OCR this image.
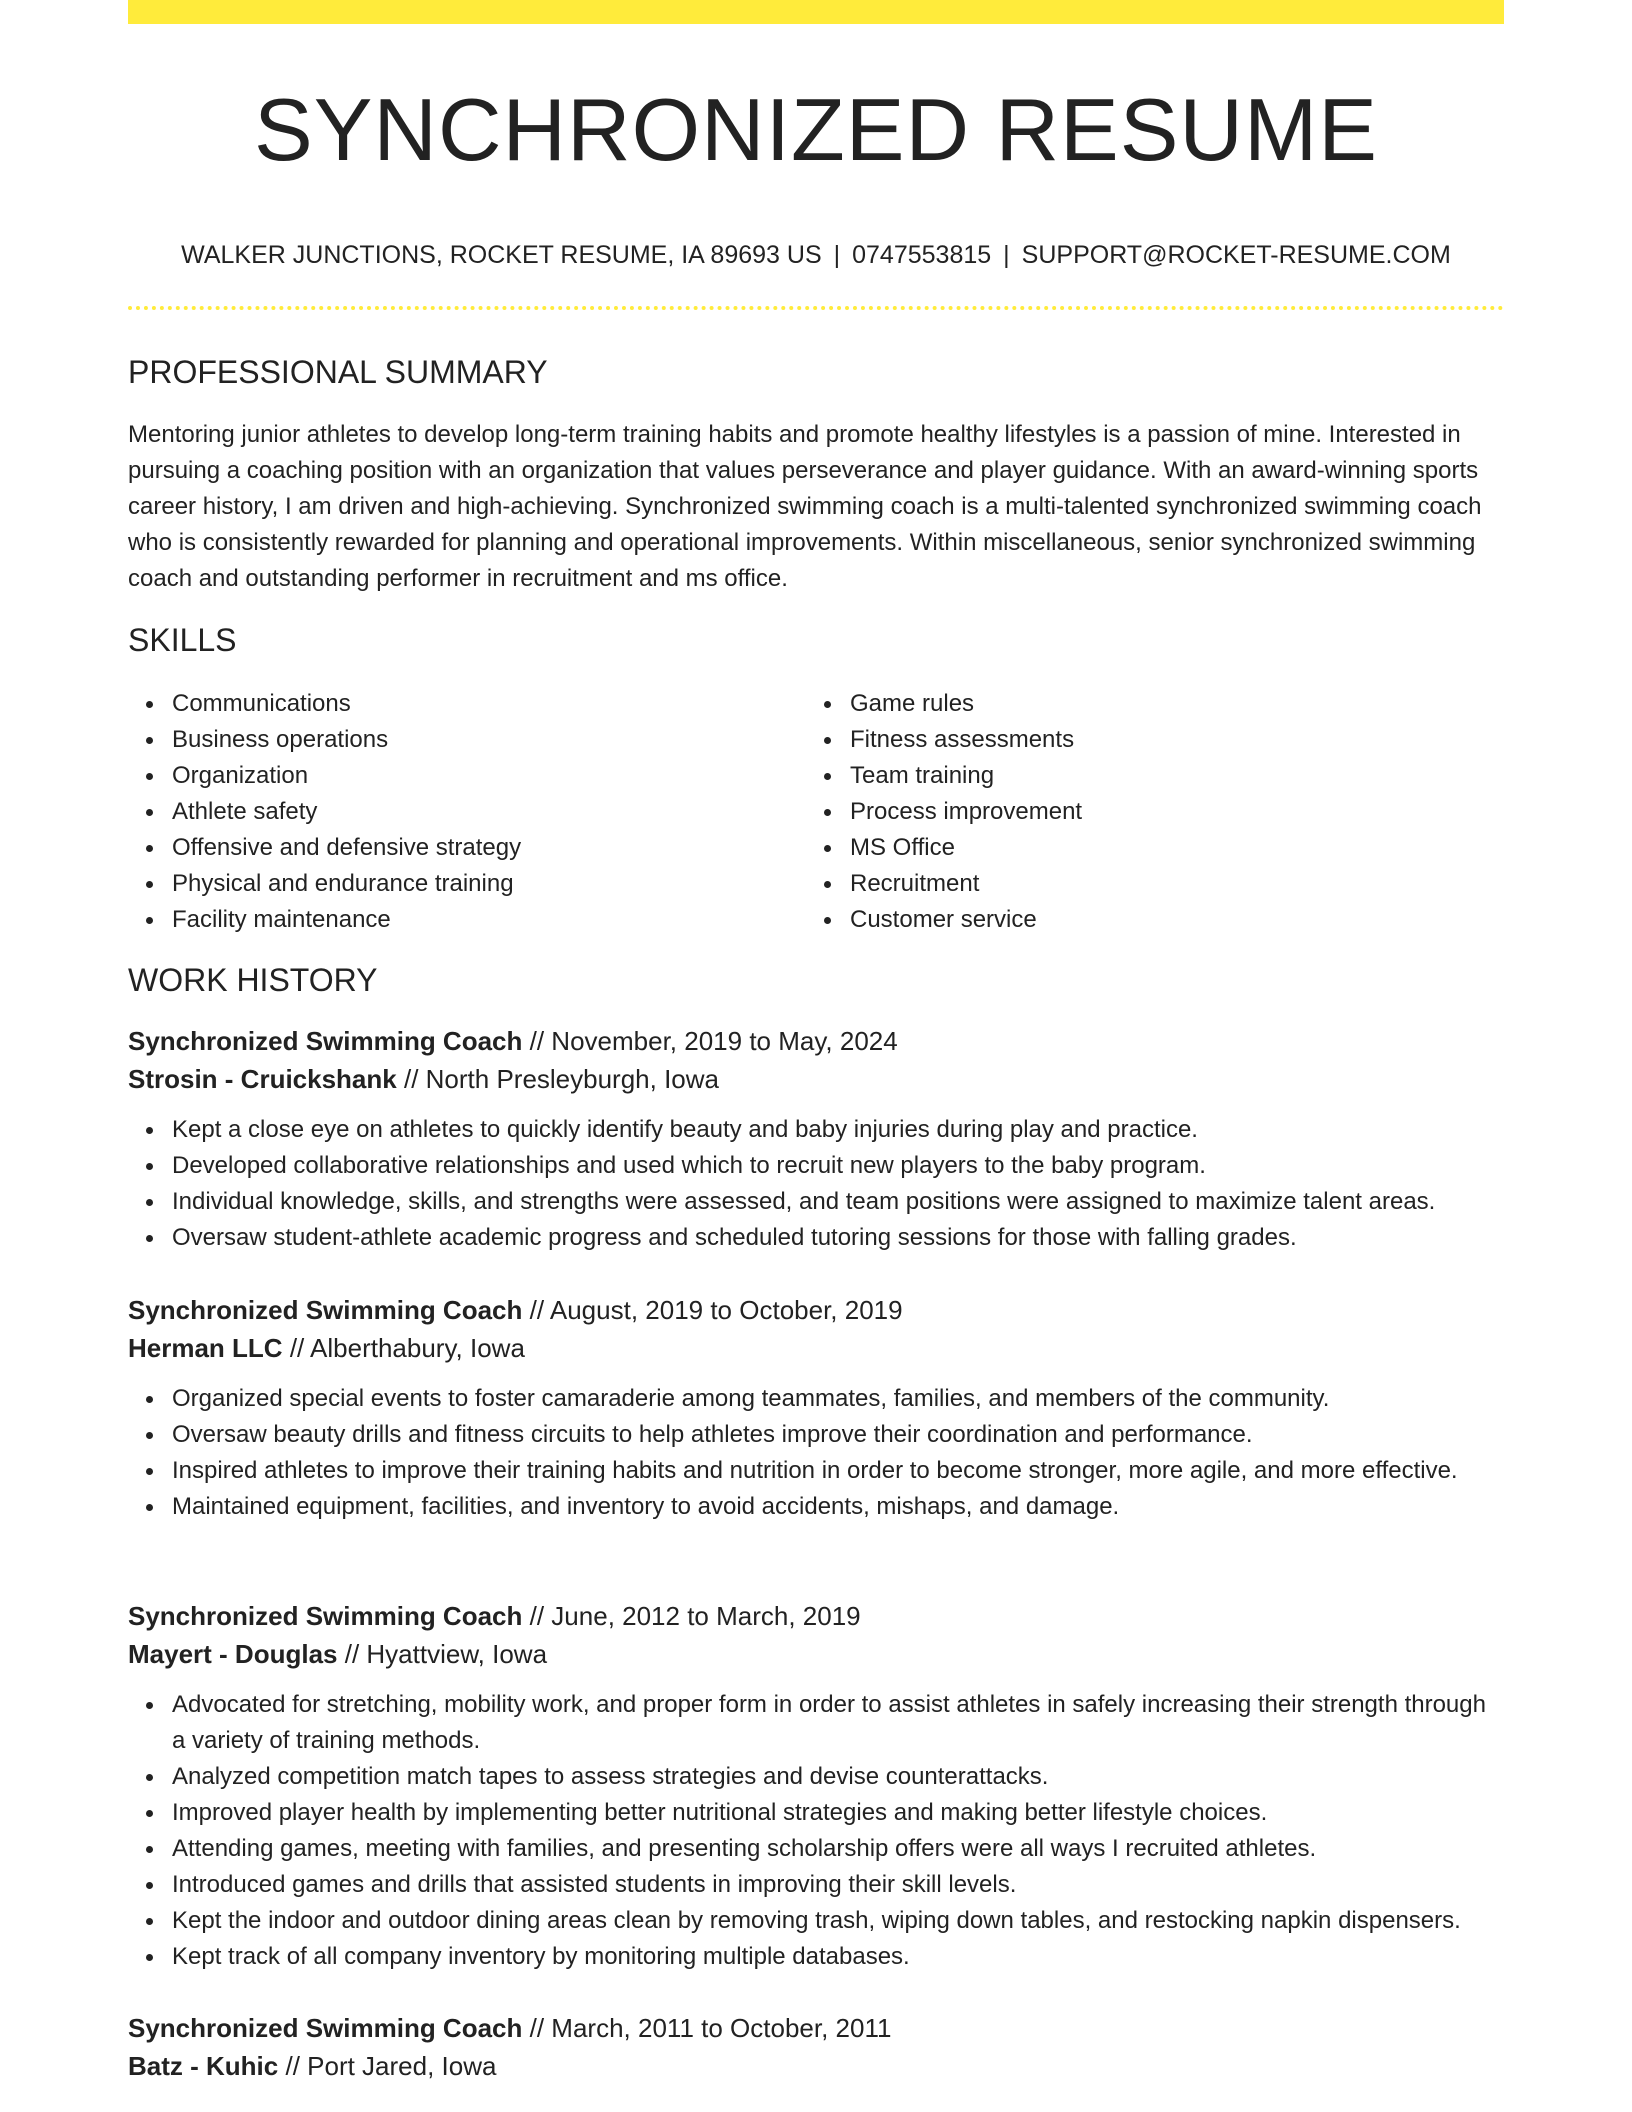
SYNCHRONIZED RESUME
WALKER JUNCTIONS, ROCKET RESUME, IA 89693 US | 0747553815 | SUPPORT@ROCKET-RESUME.COM
PROFESSIONAL SUMMARY

Mentoring junior athletes to develop long-term training habits and promote healthy lifestyles is a passion of mine. Interested in pursuing a coaching position with an organization that values perseverance and player guidance. With an award-winning sports career history, I am driven and high-achieving. Synchronized swimming coach is a multi-talented synchronized swimming coach who is consistently rewarded for planning and operational improvements. Within miscellaneous, senior synchronized swimming coach and outstanding performer in recruitment and ms office.

SKILLS
Communications
Business operations
Organization
Athlete safety
Offensive and defensive strategy
Physical and endurance training
Facility maintenance
Game rules
Fitness assessments
Team training
Process improvement
MS Office
Recruitment
Customer service
WORK HISTORY
Synchronized Swimming Coach // November, 2019 to May, 2024
Strosin - Cruickshank // North Presleyburgh, Iowa
Kept a close eye on athletes to quickly identify beauty and baby injuries during play and practice.
Developed collaborative relationships and used which to recruit new players to the baby program.
Individual knowledge, skills, and strengths were assessed, and team positions were assigned to maximize talent areas.
Oversaw student-athlete academic progress and scheduled tutoring sessions for those with falling grades.
Synchronized Swimming Coach // August, 2019 to October, 2019
Herman LLC // Alberthabury, Iowa
Organized special events to foster camaraderie among teammates, families, and members of the community.
Oversaw beauty drills and fitness circuits to help athletes improve their coordination and performance.
Inspired athletes to improve their training habits and nutrition in order to become stronger, more agile, and more effective.
Maintained equipment, facilities, and inventory to avoid accidents, mishaps, and damage.
Synchronized Swimming Coach // June, 2012 to March, 2019
Mayert - Douglas // Hyattview, Iowa
Advocated for stretching, mobility work, and proper form in order to assist athletes in safely increasing their strength through a variety of training methods.
Analyzed competition match tapes to assess strategies and devise counterattacks.
Improved player health by implementing better nutritional strategies and making better lifestyle choices.
Attending games, meeting with families, and presenting scholarship offers were all ways I recruited athletes.
Introduced games and drills that assisted students in improving their skill levels.
Kept the indoor and outdoor dining areas clean by removing trash, wiping down tables, and restocking napkin dispensers.
Kept track of all company inventory by monitoring multiple databases.
Synchronized Swimming Coach // March, 2011 to October, 2011
Batz - Kuhic // Port Jared, Iowa
